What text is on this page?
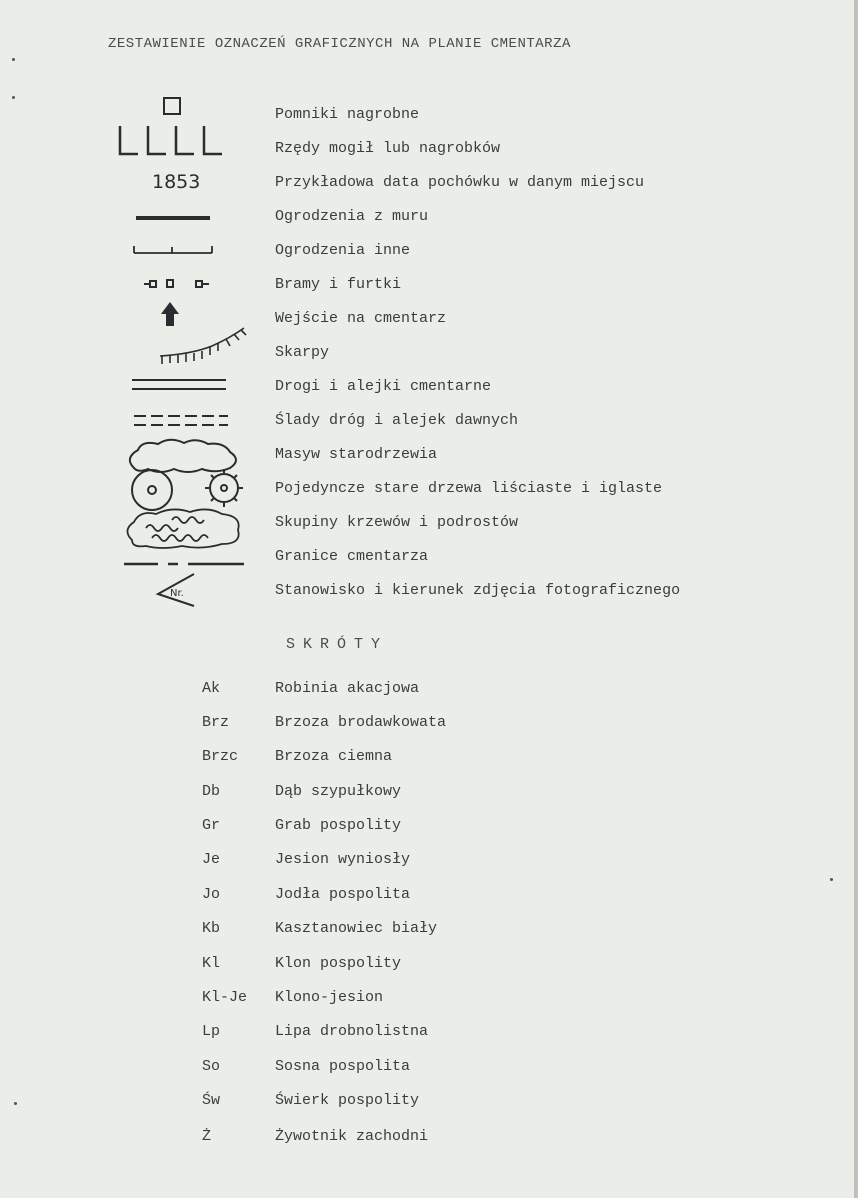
ZESTAWIENIE OZNACZEŃ GRAFICZNYCH NA PLANIE CMENTARZA
Pomniki nagrobne
Rzędy mogił lub nagrobków
1853	Przykładowa data pochówku w danym miejscu
Ogrodzenia z muru
Ogrodzenia inne
Bramy i furtki
Wejście na cmentarz
Skarpy
Drogi i alejki cmentarne
Ślady dróg i alejek dawnych
Masyw starodrzewia
Pojedyncze stare drzewa liściaste i iglaste
Skupiny krzewów i podrostów
Granice cmentarza
Nr.	Stanowisko i kierunek zdjęcia fotograficznego
SKRÓTY
Ak	Robinia akacjowa
Brz	Brzoza brodawkowata
Brzc Brzoza ciemna
Db	Dąb szypułkowy
Gr	Grab pospolity
Je	Jesion wyniosły
Jo	Jodła pospolita
Kb	Kasztanowiec biały
Kl	Klon pospolity
Kl-Je Klono-jesion
Lp	Lipa drobnolistna
So	Sosna pospolita
Św	Świerk pospolity
Ż	Żywotnik zachodni
